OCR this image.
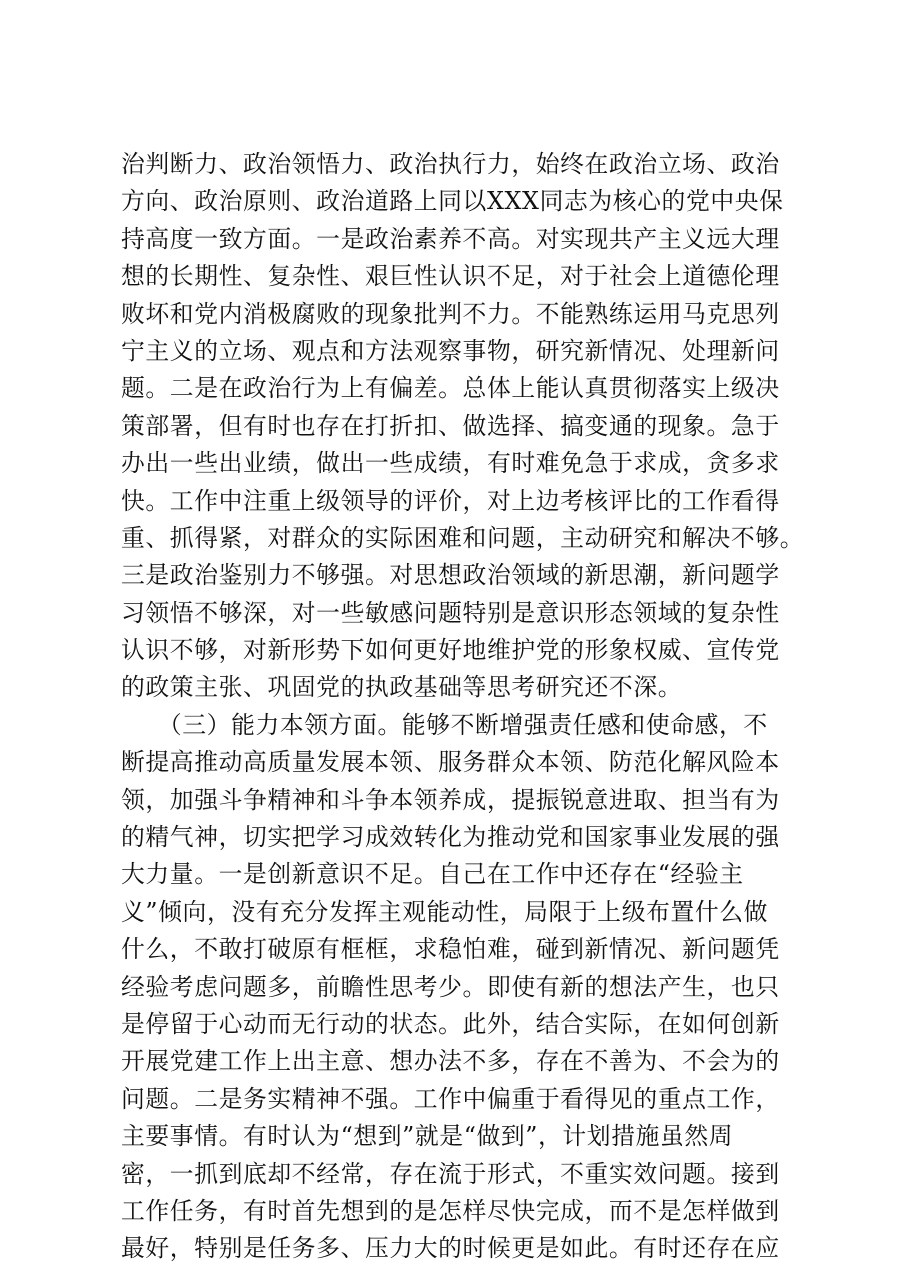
治判断力、政治领悟力、政治执行力，始终在政治立场、政治
方向、政治原则、政治道路上同以XXX同志为核心的党中央保
持高度一致方面。一是政治素养不高。对实现共产主义远大理
想的长期性、复杂性、艰巨性认识不足，对于社会上道德伦理
败坏和党内消极腐败的现象批判不力。不能熟练运用马克思列
宁主义的立场、观点和方法观察事物，研究新情况、处理新问
题。二是在政治行为上有偏差。总体上能认真贯彻落实上级决
策部署，但有时也存在打折扣、做选择、搞变通的现象。急于
办出一些出业绩，做出一些成绩，有时难免急于求成，贪多求
快。工作中注重上级领导的评价，对上边考核评比的工作看得
重、抓得紧，对群众的实际困难和问题，主动研究和解决不够。
三是政治鉴别力不够强。对思想政治领域的新思潮，新问题学
习领悟不够深，对一些敏感问题特别是意识形态领域的复杂性
认识不够，对新形势下如何更好地维护党的形象权威、宣传党
的政策主张、巩固党的执政基础等思考研究还不深。
　　（三）能力本领方面。能够不断增强责任感和使命感，不
断提高推动高质量发展本领、服务群众本领、防范化解风险本
领，加强斗争精神和斗争本领养成，提振锐意进取、担当有为
的精气神，切实把学习成效转化为推动党和国家事业发展的强
大力量。一是创新意识不足。自己在工作中还存在“经验主
义”倾向，没有充分发挥主观能动性，局限于上级布置什么做
什么，不敢打破原有框框，求稳怕难，碰到新情况、新问题凭
经验考虑问题多，前瞻性思考少。即使有新的想法产生，也只
是停留于心动而无行动的状态。此外，结合实际，在如何创新
开展党建工作上出主意、想办法不多，存在不善为、不会为的
问题。二是务实精神不强。工作中偏重于看得见的重点工作，
主要事情。有时认为“想到”就是“做到”，计划措施虽然周
密，一抓到底却不经常，存在流于形式，不重实效问题。接到
工作任务，有时首先想到的是怎样尽快完成，而不是怎样做到
最好，特别是任务多、压力大的时候更是如此。有时还存在应
